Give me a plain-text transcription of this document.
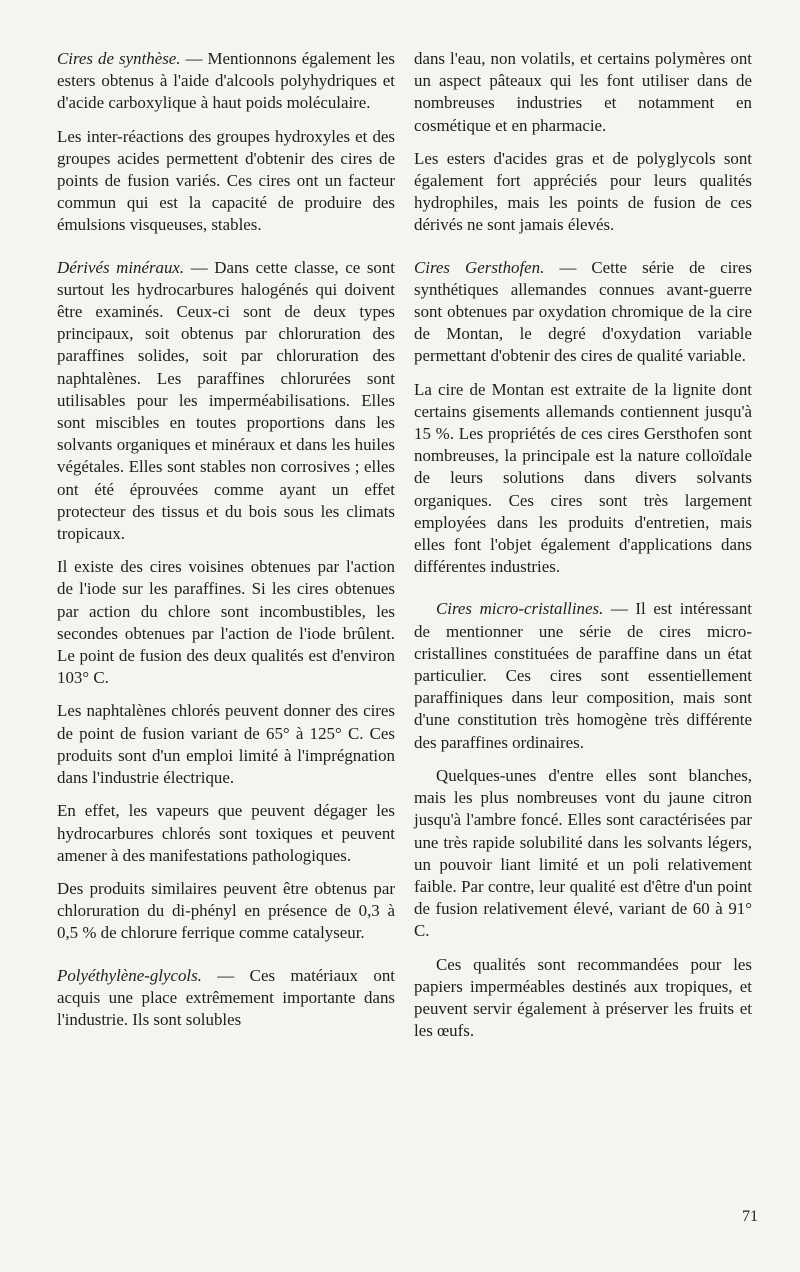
Cires de synthèse. — Mentionnons également les esters obtenus à l'aide d'alcools polyhydriques et d'acide carboxylique à haut poids moléculaire.

Les inter-réactions des groupes hydroxyles et des groupes acides permettent d'obtenir des cires de points de fusion variés. Ces cires ont un facteur commun qui est la capacité de produire des émulsions visqueuses, stables.

Dérivés minéraux. — Dans cette classe, ce sont surtout les hydrocarbures halogénés qui doivent être examinés. Ceux-ci sont de deux types principaux, soit obtenus par chloruration des paraffines solides, soit par chloruration des naphtalènes. Les paraffines chlorurées sont utilisables pour les imperméabilisations. Elles sont miscibles en toutes proportions dans les solvants organiques et minéraux et dans les huiles végétales. Elles sont stables non corrosives ; elles ont été éprouvées comme ayant un effet protecteur des tissus et du bois sous les climats tropicaux.

Il existe des cires voisines obtenues par l'action de l'iode sur les paraffines. Si les cires obtenues par action du chlore sont incombustibles, les secondes obtenues par l'action de l'iode brûlent. Le point de fusion des deux qualités est d'environ 103° C.

Les naphtalènes chlorés peuvent donner des cires de point de fusion variant de 65° à 125° C. Ces produits sont d'un emploi limité à l'imprégnation dans l'industrie électrique.

En effet, les vapeurs que peuvent dégager les hydrocarbures chlorés sont toxiques et peuvent amener à des manifestations pathologiques.

Des produits similaires peuvent être obtenus par chloruration du di-phényl en présence de 0,3 à 0,5 % de chlorure ferrique comme catalyseur.

Polyéthylène-glycols. — Ces matériaux ont acquis une place extrêmement importante dans l'industrie. Ils sont solubles

dans l'eau, non volatils, et certains polymères ont un aspect pâteaux qui les font utiliser dans de nombreuses industries et notamment en cosmétique et en pharmacie.

Les esters d'acides gras et de polyglycols sont également fort appréciés pour leurs qualités hydrophiles, mais les points de fusion de ces dérivés ne sont jamais élevés.

Cires Gersthofen. — Cette série de cires synthétiques allemandes connues avant-guerre sont obtenues par oxydation chromique de la cire de Montan, le degré d'oxydation variable permettant d'obtenir des cires de qualité variable.

La cire de Montan est extraite de la lignite dont certains gisements allemands contiennent jusqu'à 15 %. Les propriétés de ces cires Gersthofen sont nombreuses, la principale est la nature colloïdale de leurs solutions dans divers solvants organiques. Ces cires sont très largement employées dans les produits d'entretien, mais elles font l'objet également d'applications dans différentes industries.

Cires micro-cristallines. — Il est intéressant de mentionner une série de cires micro-cristallines constituées de paraffine dans un état particulier. Ces cires sont essentiellement paraffiniques dans leur composition, mais sont d'une constitution très homogène très différente des paraffines ordinaires.

Quelques-unes d'entre elles sont blanches, mais les plus nombreuses vont du jaune citron jusqu'à l'ambre foncé. Elles sont caractérisées par une très rapide solubilité dans les solvants légers, un pouvoir liant limité et un poli relativement faible. Par contre, leur qualité est d'être d'un point de fusion relativement élevé, variant de 60 à 91° C.

Ces qualités sont recommandées pour les papiers imperméables destinés aux tropiques, et peuvent servir également à préserver les fruits et les œufs.

71
